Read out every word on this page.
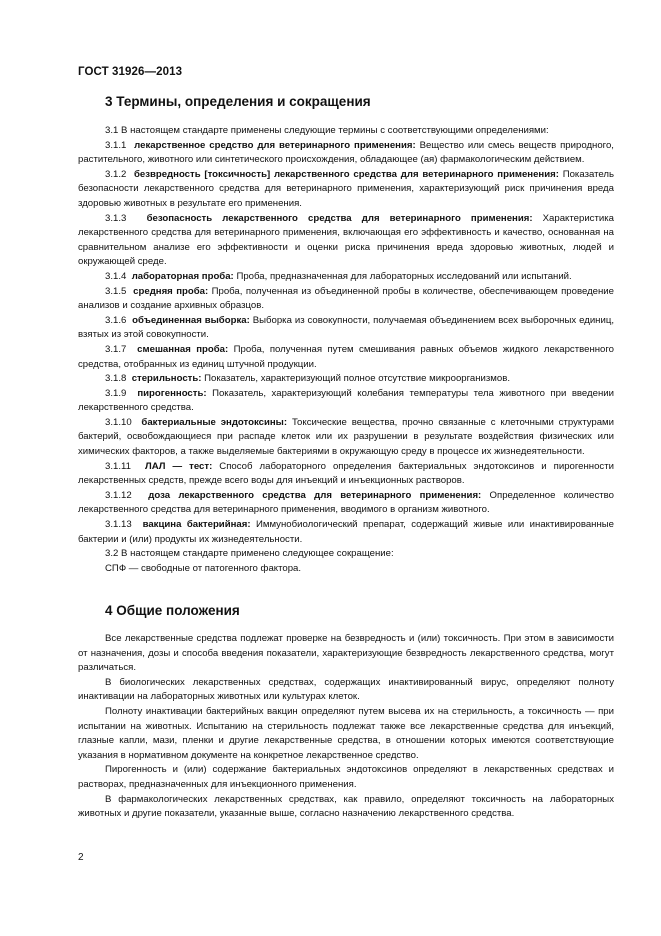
ГОСТ 31926—2013
3 Термины, определения и сокращения

3.1 В настоящем стандарте применены следующие термины с соответствующими определениями:

3.1.1 лекарственное средство для ветеринарного применения: Вещество или смесь веществ природного, растительного, животного или синтетического происхождения, обладающее (ая) фармакологическим действием.

3.1.2 безвредность [токсичность] лекарственного средства для ветеринарного применения: Показатель безопасности лекарственного средства для ветеринарного применения, характеризующий риск причинения вреда здоровью животных в результате его применения.

3.1.3 безопасность лекарственного средства для ветеринарного применения: Характеристика лекарственного средства для ветеринарного применения, включающая его эффективность и качество, основанная на сравнительном анализе его эффективности и оценки риска причинения вреда здоровью животных, людей и окружающей среде.

3.1.4 лабораторная проба: Проба, предназначенная для лабораторных исследований или испытаний.

3.1.5 средняя проба: Проба, полученная из объединенной пробы в количестве, обеспечивающем проведение анализов и создание архивных образцов.

3.1.6 объединенная выборка: Выборка из совокупности, получаемая объединением всех выборочных единиц, взятых из этой совокупности.

3.1.7 смешанная проба: Проба, полученная путем смешивания равных объемов жидкого лекарственного средства, отобранных из единиц штучной продукции.

3.1.8 стерильность: Показатель, характеризующий полное отсутствие микроорганизмов.

3.1.9 пирогенность: Показатель, характеризующий колебания температуры тела животного при введении лекарственного средства.

3.1.10 бактериальные эндотоксины: Токсические вещества, прочно связанные с клеточными структурами бактерий, освобождающиеся при распаде клеток или их разрушении в результате воздействия физических или химических факторов, а также выделяемые бактериями в окружающую среду в процессе их жизнедеятельности.

3.1.11 ЛАЛ — тест: Способ лабораторного определения бактериальных эндотоксинов и пирогенности лекарственных средств, прежде всего воды для инъекций и инъекционных растворов.

3.1.12 доза лекарственного средства для ветеринарного применения: Определенное количество лекарственного средства для ветеринарного применения, вводимого в организм животного.

3.1.13 вакцина бактерийная: Иммунобиологический препарат, содержащий живые или инактивированные бактерии и (или) продукты их жизнедеятельности.

3.2 В настоящем стандарте применено следующее сокращение:

СПФ — свободные от патогенного фактора.

4 Общие положения

Все лекарственные средства подлежат проверке на безвредность и (или) токсичность. При этом в зависимости от назначения, дозы и способа введения показатели, характеризующие безвредность лекарственного средства, могут различаться.

В биологических лекарственных средствах, содержащих инактивированный вирус, определяют полноту инактивации на лабораторных животных или культурах клеток.

Полноту инактивации бактерийных вакцин определяют путем высева их на стерильность, а токсичность — при испытании на животных. Испытанию на стерильность подлежат также все лекарственные средства для инъекций, глазные капли, мази, пленки и другие лекарственные средства, в отношении которых имеются соответствующие указания в нормативном документе на конкретное лекарственное средство.

Пирогенность и (или) содержание бактериальных эндотоксинов определяют в лекарственных средствах и растворах, предназначенных для инъекционного применения.

В фармакологических лекарственных средствах, как правило, определяют токсичность на лабораторных животных и другие показатели, указанные выше, согласно назначению лекарственного средства.

2
